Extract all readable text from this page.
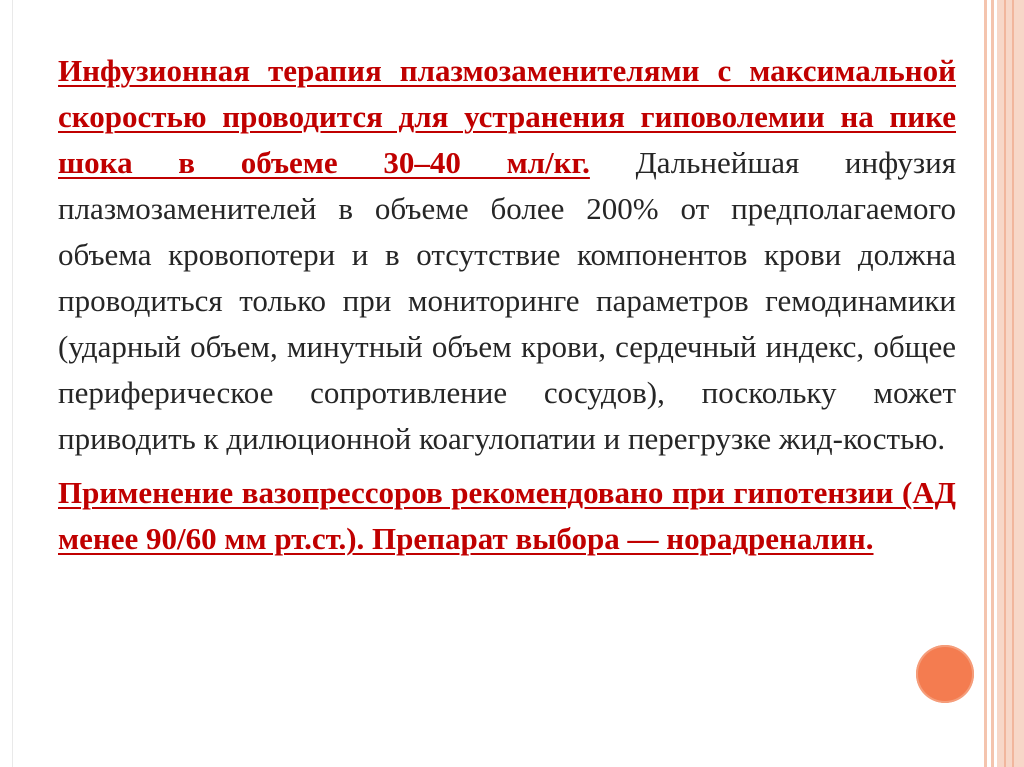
Инфузионная терапия плазмозаменителями с максимальной скоростью проводится для устранения гиповолемии на пике шока в объеме 30–40 мл/кг. Дальнейшая инфузия плазмозаменителей в объеме более 200% от предполагаемого объема кровопотери и в отсутствие компонентов крови должна проводиться только при мониторинге параметров гемодинамики (ударный объем, минутный объем крови, сердечный индекс, общее периферическое сопротивление сосудов), поскольку может приводить к дилюционной коагулопатии и перегрузке жид-костью.

Применение вазопрессоров рекомендовано при гипотензии (АД менее 90/60 мм рт.ст.). Препарат выбора — норадреналин.
